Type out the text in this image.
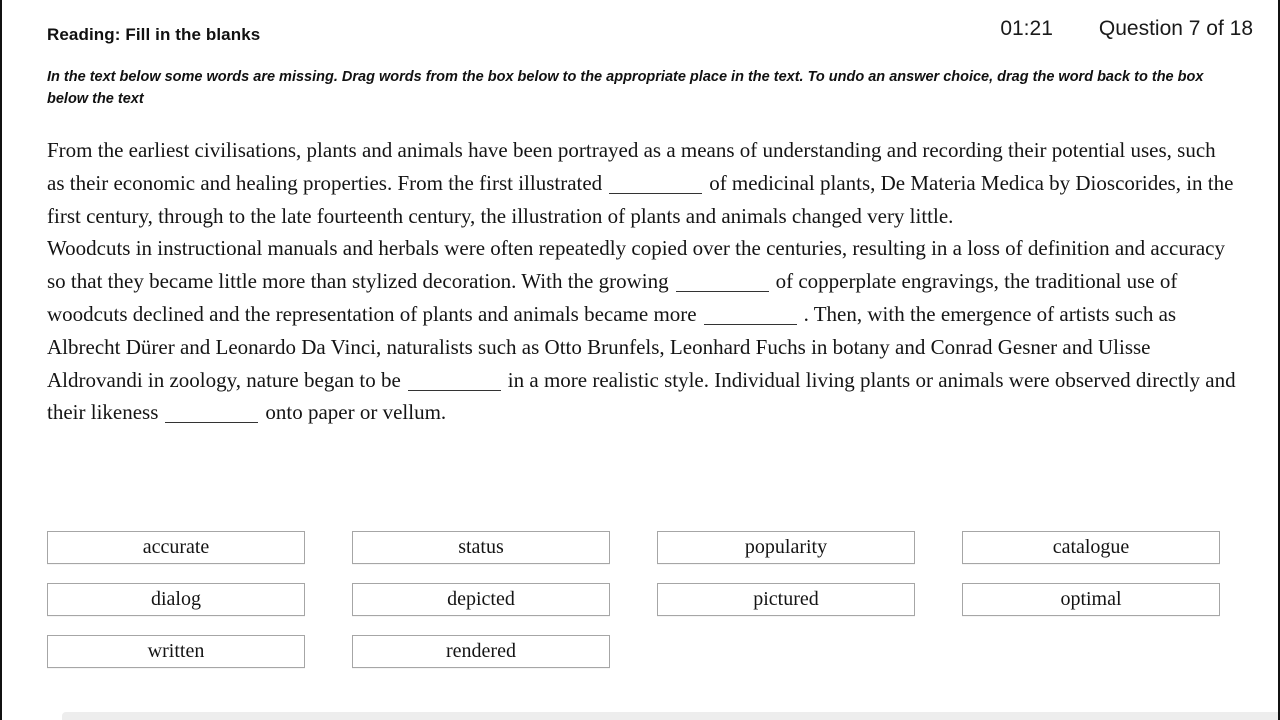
Reading: Fill in the blanks	01:21 Question 7 of 18
In the text below some words are missing. Drag words from the box below to the appropriate place in the text. To undo an answer choice, drag the word back to the box below the text

From the earliest civilisations, plants and animals have been portrayed as a means of understanding and recording their potential uses, such as their economic and healing properties. From the first illustrated	of medicinal plants, De Materia Medica by Dioscorides, in the first century, through to the late fourteenth century, the illustration of plants and animals changed very little.

Woodcuts in instructional manuals and herbals were often repeatedly copied over the centuries, resulting in a loss of definition and accuracy so that they became little more than stylized decoration. With the growing	of copperplate engravings, the traditional use of woodcuts declined and the representation of plants and animals became more	. Then, with the emergence of artists such as Albrecht Dürer and Leonardo Da Vinci, naturalists such as Otto Brunfels, Leonhard Fuchs in botany and Conrad Gesner and Ulisse Aldrovandi in zoology, nature began to be	in a more realistic style. Individual living plants or animals were observed directly and their likeness	onto paper or vellum.

accurate	status	popularity	catalogue
dialog	depicted	pictured	optimal
written	rendered
